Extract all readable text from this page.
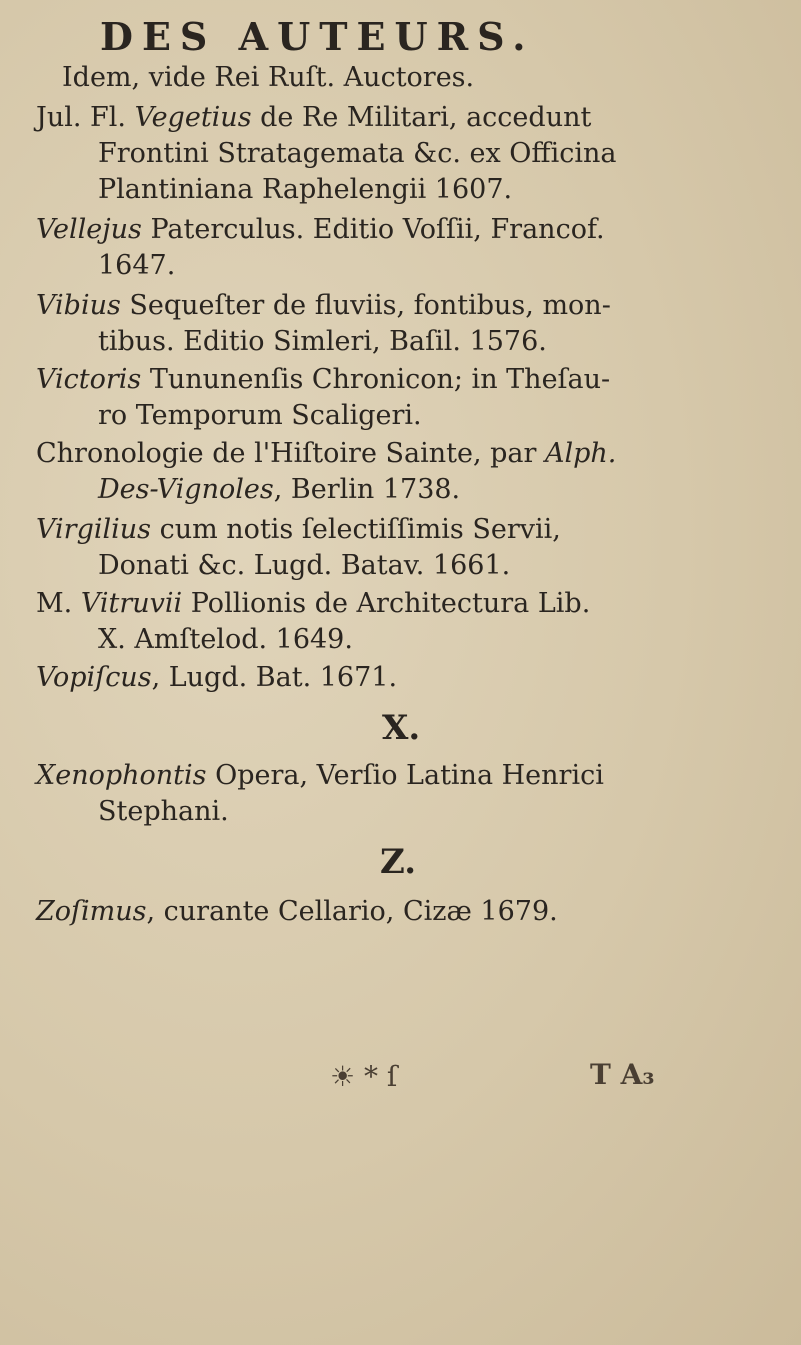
DES AUTEURS.
Idem, vide Rei Ruſt. Auctores.
Jul. Fl. Vegetius de Re Militari, accedunt
Frontini Stratagemata &c. ex Officina
Plantiniana Raphelengii 1607.
Vellejus Paterculus. Editio Voſſii, Francof.
1647.
Vibius Sequeſter de fluviis, fontibus, mon-
tibus. Editio Simleri, Baſil. 1576.
Victoris Tununenſis Chronicon; in Theſau-
ro Temporum Scaligeri.
Chronologie de l'Hiſtoire Sainte, par Alph.
Des-Vignoles, Berlin 1738.
Virgilius cum notis ſelectiſſimis Servii,
Donati &c. Lugd. Batav. 1661.
M. Vitruvii Pollionis de Architectura Lib.
X. Amſtelod. 1649.
Vopiſcus, Lugd. Bat. 1671.
X.
Xenophontis Opera, Verſio Latina Henrici
Stephani.
Z.
Zoſimus, curante Cellario, Cizæ 1679.
☀ * ſ	T A₃
